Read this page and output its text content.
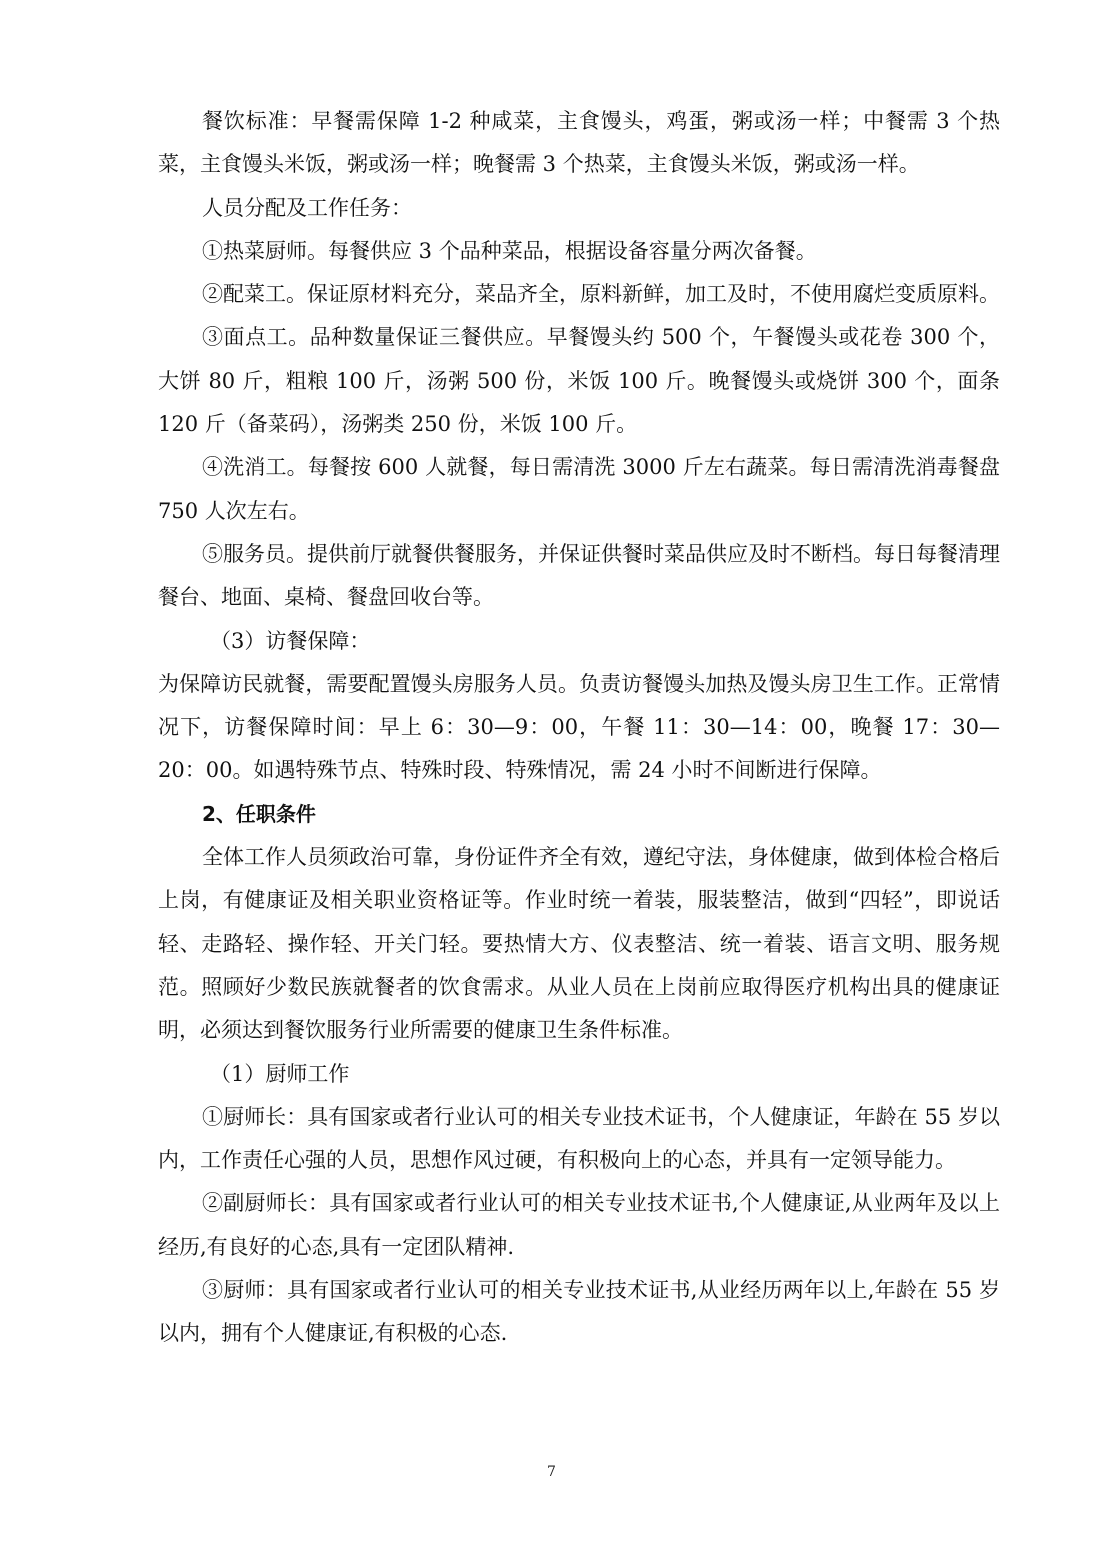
餐饮标准：早餐需保障 1-2 种咸菜，主食馒头，鸡蛋，粥或汤一样；中餐需 3 个热菜，主食馒头米饭，粥或汤一样；晚餐需 3 个热菜，主食馒头米饭，粥或汤一样。

人员分配及工作任务：

①热菜厨师。每餐供应 3 个品种菜品，根据设备容量分两次备餐。

②配菜工。保证原材料充分，菜品齐全，原料新鲜，加工及时，不使用腐烂变质原料。

③面点工。品种数量保证三餐供应。早餐馒头约 500 个，午餐馒头或花卷 300 个，大饼 80 斤，粗粮 100 斤，汤粥 500 份，米饭 100 斤。晚餐馒头或烧饼 300 个，面条 120 斤（备菜码），汤粥类 250 份，米饭 100 斤。

④洗消工。每餐按 600 人就餐，每日需清洗 3000 斤左右蔬菜。每日需清洗消毒餐盘 750 人次左右。

⑤服务员。提供前厅就餐供餐服务，并保证供餐时菜品供应及时不断档。每日每餐清理餐台、地面、桌椅、餐盘回收台等。

（3）访餐保障：

为保障访民就餐，需要配置馒头房服务人员。负责访餐馒头加热及馒头房卫生工作。正常情况下，访餐保障时间：早上 6：30—9：00，午餐 11：30—14：00，晚餐 17：30—20：00。如遇特殊节点、特殊时段、特殊情况，需 24 小时不间断进行保障。

2、任职条件

全体工作人员须政治可靠，身份证件齐全有效，遵纪守法，身体健康，做到体检合格后上岗，有健康证及相关职业资格证等。作业时统一着装，服装整洁，做到“四轻”，即说话轻、走路轻、操作轻、开关门轻。要热情大方、仪表整洁、统一着装、语言文明、服务规范。照顾好少数民族就餐者的饮食需求。从业人员在上岗前应取得医疗机构出具的健康证明，必须达到餐饮服务行业所需要的健康卫生条件标准。

（1）厨师工作

①厨师长：具有国家或者行业认可的相关专业技术证书，个人健康证，年龄在 55 岁以内，工作责任心强的人员，思想作风过硬，有积极向上的心态，并具有一定领导能力。

②副厨师长：具有国家或者行业认可的相关专业技术证书,个人健康证,从业两年及以上经历,有良好的心态,具有一定团队精神.

③厨师：具有国家或者行业认可的相关专业技术证书,从业经历两年以上,年龄在 55 岁以内，拥有个人健康证,有积极的心态.

7
